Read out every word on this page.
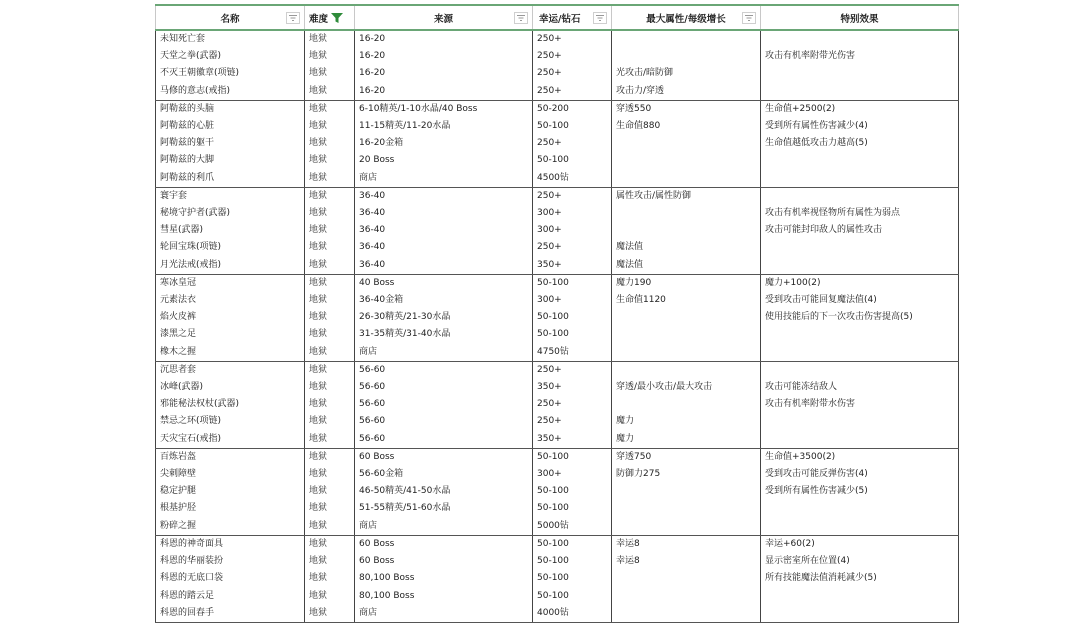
名称	难度	来源	幸运/钻石	最大属性/每级增长	特别效果

未知死亡套	地狱	16-20	250+		
天堂之拳(武器)	地狱	16-20	250+		攻击有机率附带光伤害
不灭王朝徽章(项链)	地狱	16-20	250+	光攻击/暗防御	
马修的意志(戒指)	地狱	16-20	250+	攻击力/穿透	
阿勒兹的头脑	地狱	6-10精英/1-10水晶/40 Boss	50-200	穿透550	生命值+2500(2)
阿勒兹的心脏	地狱	11-15精英/11-20水晶	50-100	生命值880	受到所有属性伤害减少(4)
阿勒兹的躯干	地狱	16-20金箱	250+		生命值越低攻击力越高(5)
阿勒兹的大脚	地狱	20 Boss	50-100		
阿勒兹的利爪	地狱	商店	4500钻		
寰宇套	地狱	36-40	250+	属性攻击/属性防御	
秘境守护者(武器)	地狱	36-40	300+		攻击有机率视怪物所有属性为弱点
彗星(武器)	地狱	36-40	300+		攻击可能封印敌人的属性攻击
轮回宝珠(项链)	地狱	36-40	250+	魔法值	
月光法戒(戒指)	地狱	36-40	350+	魔法值	
寒冰皇冠	地狱	40 Boss	50-100	魔力190	魔力+100(2)
元素法衣	地狱	36-40金箱	300+	生命值1120	受到攻击可能回复魔法值(4)
焰火皮裤	地狱	26-30精英/21-30水晶	50-100		使用技能后的下一次攻击伤害提高(5)
漆黑之足	地狱	31-35精英/31-40水晶	50-100		
橡木之握	地狱	商店	4750钻		
沉思者套	地狱	56-60	250+		
冰峰(武器)	地狱	56-60	350+	穿透/最小攻击/最大攻击	攻击可能冻结敌人
邪能秘法权杖(武器)	地狱	56-60	250+		攻击有机率附带水伤害
禁忌之环(项链)	地狱	56-60	250+	魔力	
天灾宝石(戒指)	地狱	56-60	350+	魔力	
百炼岩盔	地狱	60 Boss	50-100	穿透750	生命值+3500(2)
尖刺障壁	地狱	56-60金箱	300+	防御力275	受到攻击可能反弹伤害(4)
稳定护腿	地狱	46-50精英/41-50水晶	50-100		受到所有属性伤害减少(5)
根基护胫	地狱	51-55精英/51-60水晶	50-100		
粉碎之握	地狱	商店	5000钻		
科恩的神奇面具	地狱	60 Boss	50-100	幸运8	幸运+60(2)
科恩的华丽装扮	地狱	60 Boss	50-100	幸运8	显示密室所在位置(4)
科恩的无底口袋	地狱	80,100 Boss	50-100		所有技能魔法值消耗减少(5)
科恩的踏云足	地狱	80,100 Boss	50-100		
科恩的回春手	地狱	商店	4000钻		
